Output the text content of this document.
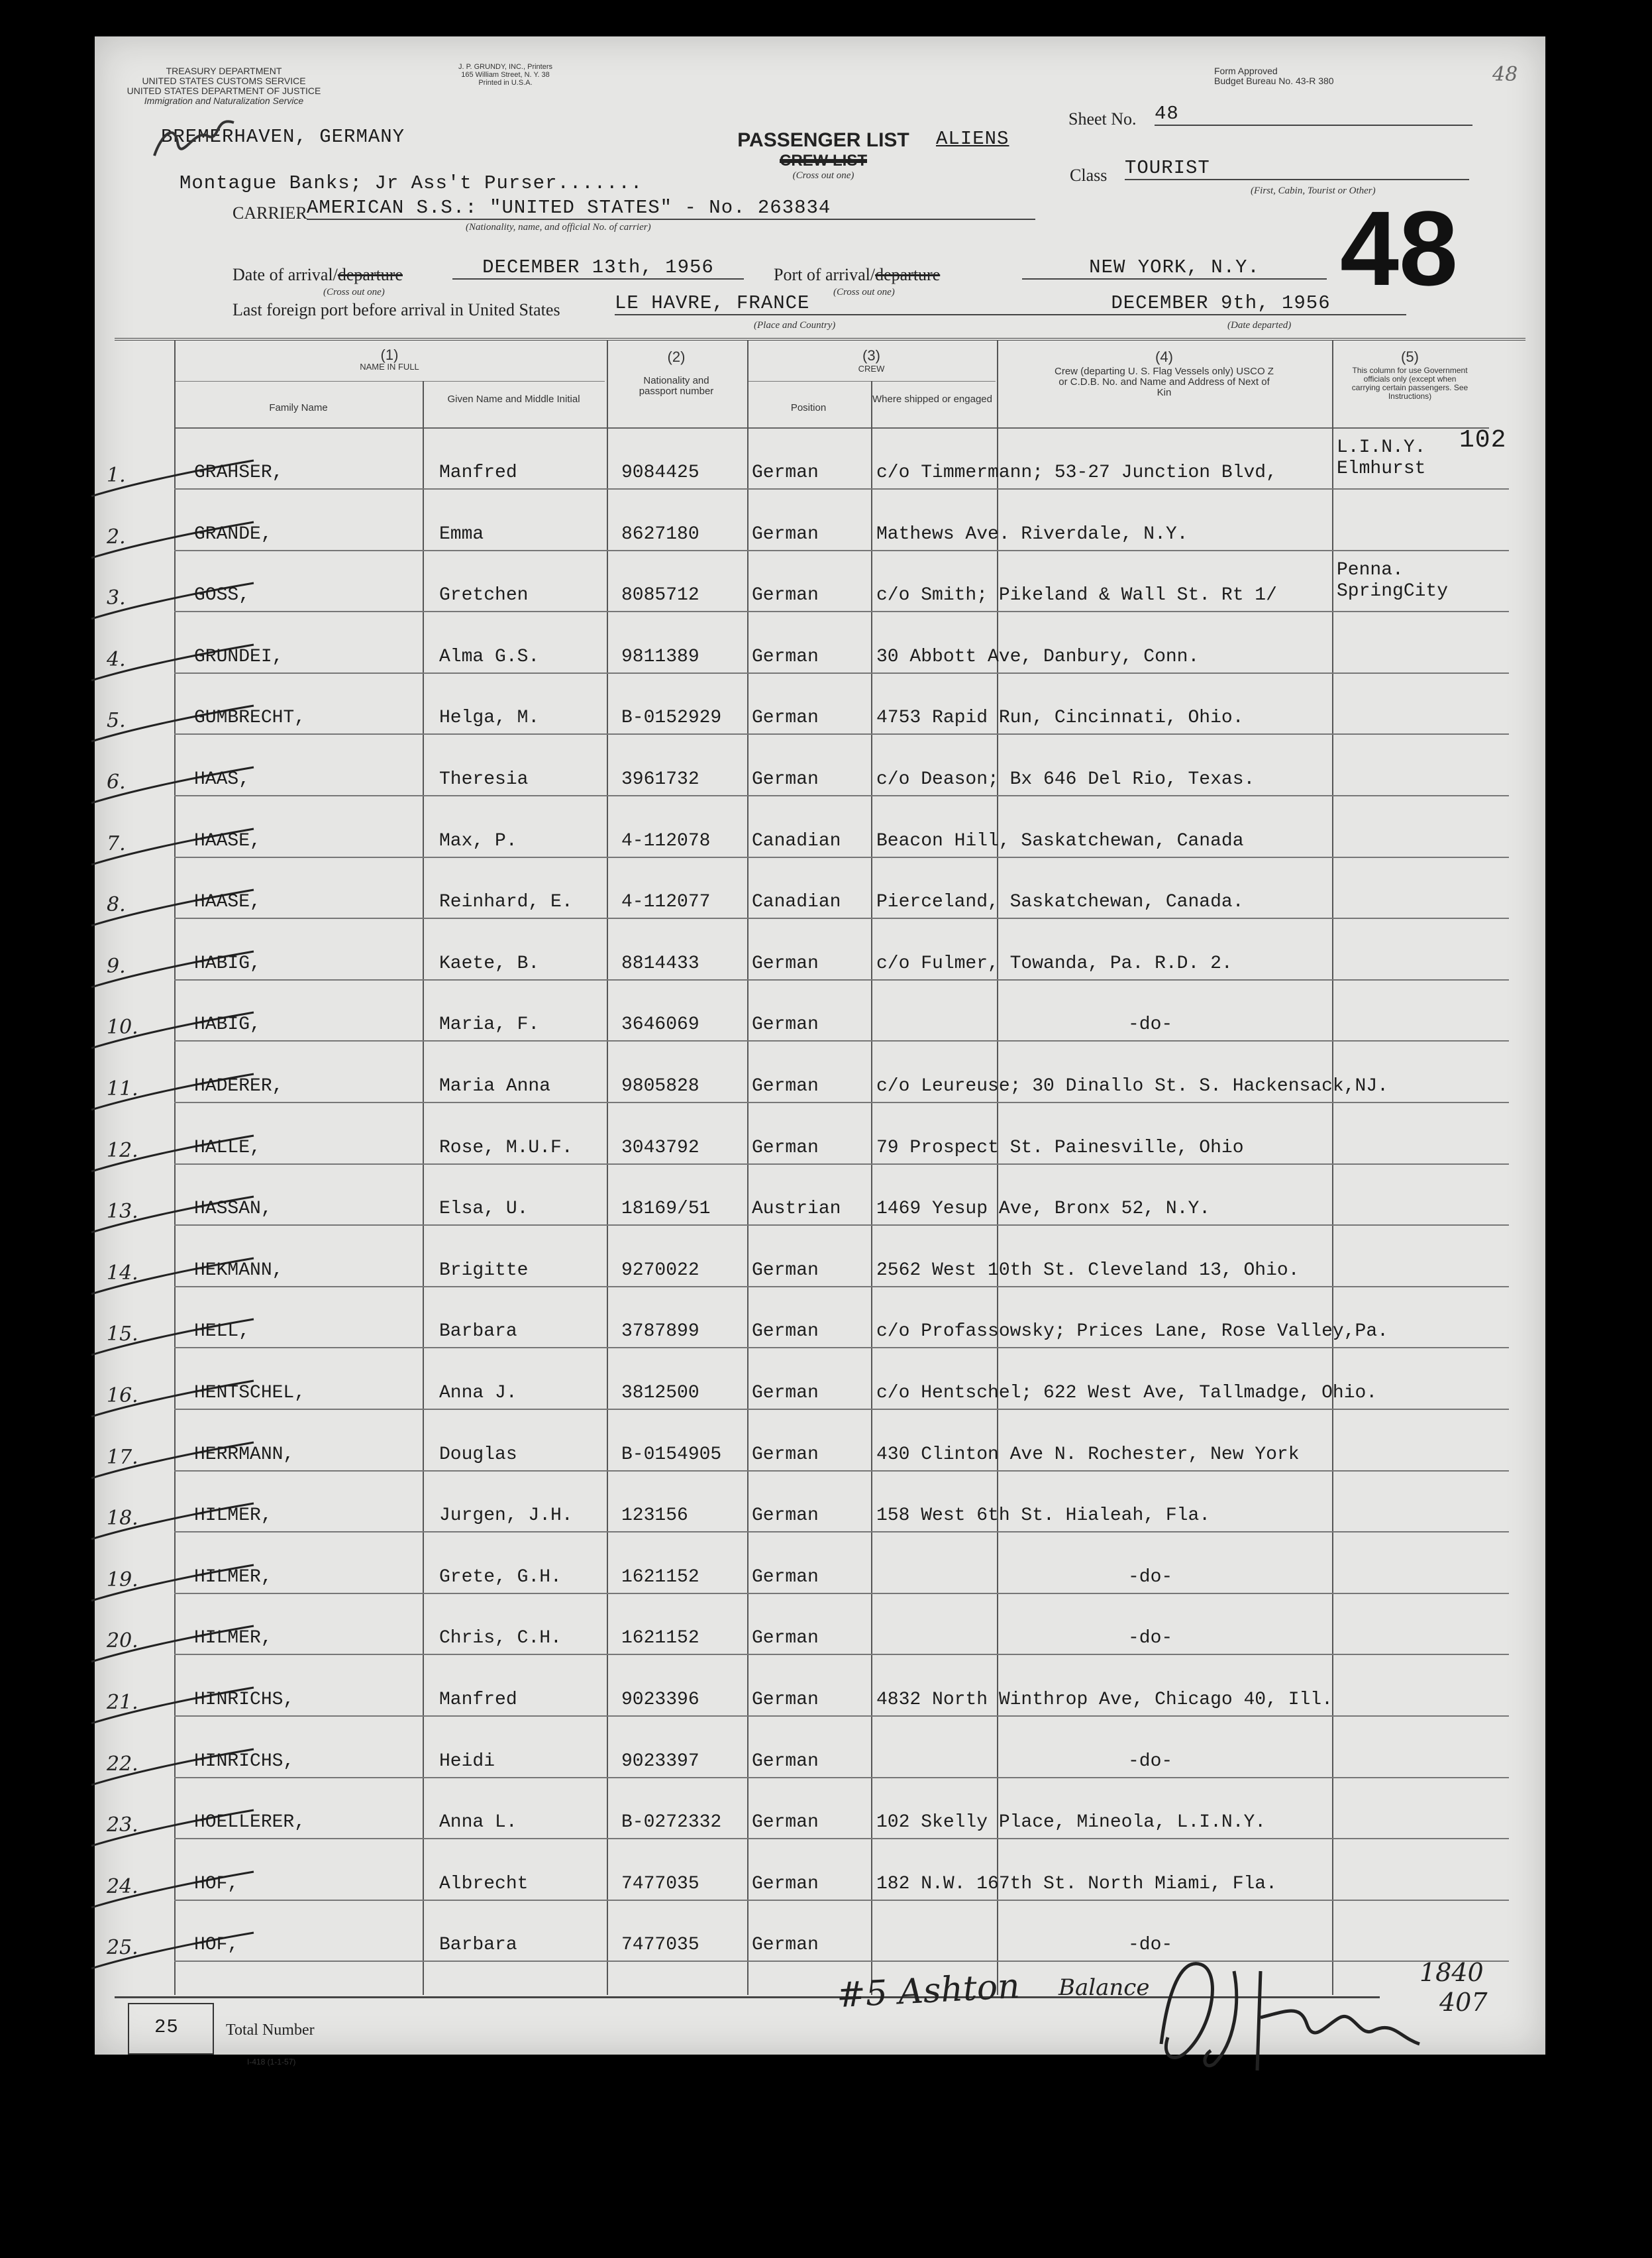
TREASURY DEPARTMENT
UNITED STATES CUSTOMS SERVICE
UNITED STATES DEPARTMENT OF JUSTICE
Immigration and Naturalization Service
J. P. GRUNDY, INC., Printers
165 William Street, N. Y. 38
Printed in U.S.A.
Form Approved
Budget Bureau No. 43-R 380	48
BREMERHAVEN, GERMANY
Montague Banks; Jr Ass't Purser.......
CARRIER AMERICAN S.S.: "UNITED STATES" - No. 263834
(Nationality, name, and official No. of carrier)
PASSENGER LIST
CREW LIST
(Cross out one)
ALIENS
Sheet No. 48
Class TOURIST
(First, Cabin, Tourist or Other)
48
Date of arrival/departure	DECEMBER 13th, 1956
(Cross out one)
Port of arrival/departure	NEW YORK, N.Y.
(Cross out one)
Last foreign port before arrival in United States	LE HAVRE, FRANCE
(Place and Country)
DECEMBER 9th, 1956
(Date departed)
(1)
NAME IN FULL
Family Name
Given Name and Middle Initial
(2)
Nationality and passport number
(3)
CREW
Position
Where shipped or engaged
(4)
Crew (departing U. S. Flag Vessels only) USCO Z or C.D.B. No. and Name and Address of Next of Kin
(5)
This column for use Government officials only (except when carrying certain passengers. See Instructions)
102
1.	GRAHSER,	Manfred	9084425	German	c/o Timmermann; 53-27 Junction Blvd,
L.I.N.Y.
Elmhurst
2.	GRANDE,	Emma	8627180	German	Mathews Ave. Riverdale, N.Y.
3.	GOSS,	Gretchen	8085712	German	c/o Smith; Pikeland & Wall St. Rt 1/
Penna.
SpringCity
4.	GRUNDEI,	Alma G.S.	9811389	German	30 Abbott Ave, Danbury, Conn.
5.	GUMBRECHT,	Helga, M.	B-0152929 German	4753 Rapid Run, Cincinnati, Ohio.
6.	HAAS,	Theresia	3961732	German	c/o Deason; Bx 646 Del Rio, Texas.
7.	HAASE,	Max, P.	4-112078 Canadian Beacon Hill, Saskatchewan, Canada
8.	HAASE,	Reinhard, E.	4-112077 Canadian Pierceland, Saskatchewan, Canada.
9.	HABIG,	Kaete, B.	8814433	German	c/o Fulmer, Towanda, Pa. R.D. 2.
10.	HABIG,	Maria, F.	3646069	German	-do-
11.	HADERER,	Maria Anna	9805828	German	c/o Leureuse; 30 Dinallo St. S. Hackensack,NJ.
12.	HALLE,	Rose, M.U.F.	3043792	German	79 Prospect St. Painesville, Ohio
13.	HASSAN,	Elsa, U.	18169/51 Austrian 1469 Yesup Ave, Bronx 52, N.Y.
14.	HEKMANN,	Brigitte	9270022	German	2562 West 10th St. Cleveland 13, Ohio.
15.	HELL,	Barbara	3787899	German	c/o Profassowsky; Prices Lane, Rose Valley,Pa.
16.	HENTSCHEL,	Anna J.	3812500	German	c/o Hentschel; 622 West Ave, Tallmadge, Ohio.
17.	HERRMANN,	Douglas	B-0154905 German	430 Clinton Ave N. Rochester, New York
18.	HILMER,	Jurgen, J.H.	123156	German	158 West 6th St. Hialeah, Fla.
19.	HILMER,	Grete, G.H.	1621152	German	-do-
20.	HILMER,	Chris, C.H.	1621152	German	-do-
21.	HINRICHS,	Manfred	9023396	German	4832 North Winthrop Ave, Chicago 40, Ill.
22.	HINRICHS,	Heidi	9023397	German	-do-
23.	HOELLERER,	Anna L.	B-0272332 German	102 Skelly Place, Mineola, L.I.N.Y.
24.	HOF,	Albrecht	7477035	German	182 N.W. 167th St. North Miami, Fla.
25.	HOF,	Barbara	7477035	German	-do-
25	Total Number
I-418 (1-1-57)
#5 Ashton Balance
1840
407
